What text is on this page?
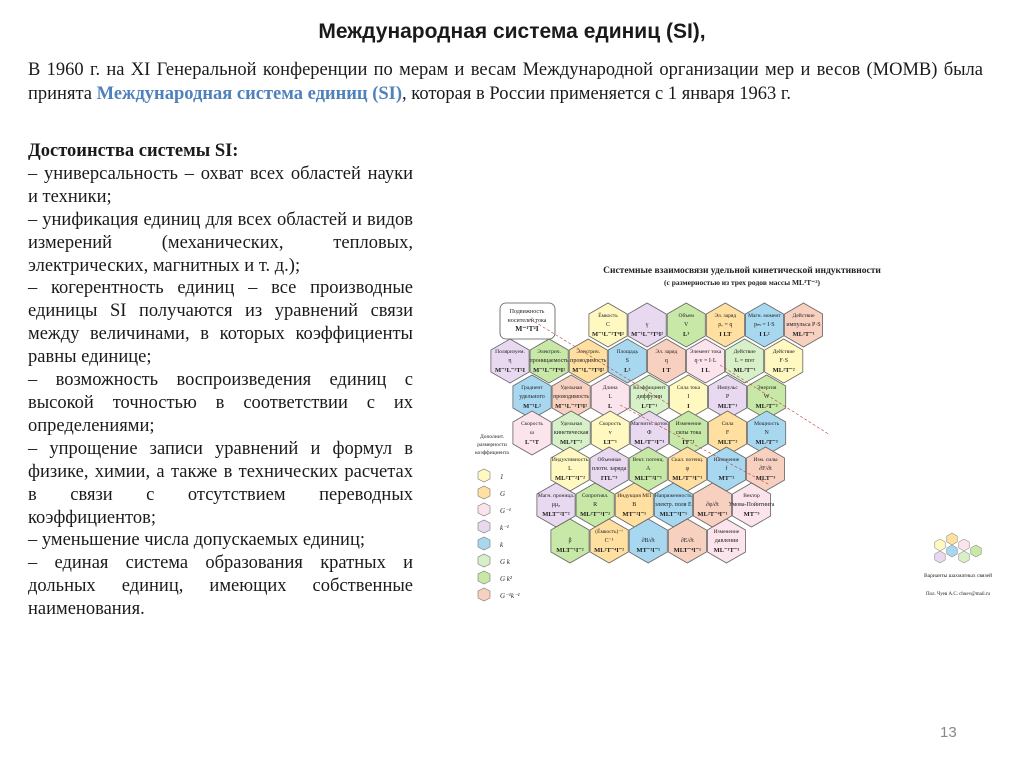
Международная система единиц (SI),
В 1960 г. на XI Генеральной конференции по мерам и весам Международной организации мер и весов (МОМВ) была принята Международная система единиц (SI), которая в России применяется с 1 января 1963 г.

Достоинства системы SI:

– универсальность – охват всех областей науки и техники;

– унификация единиц для всех областей и видов измерений (механических, тепловых, электрических, магнитных и т. д.);

– когерентность единиц – все производные единицы SI получаются из уравнений связи между величинами, в которых коэффициенты равны единице;

– возможность воспроизведения единиц с высокой точностью в соответствии с их определениями;

– упрощение записи уравнений и формул в физике, химии, а также в технических расчетах в связи с отсутствием переводных коэффициентов;

– уменьшение числа допускаемых единиц;

– единая система образования кратных и дольных единиц, имеющих собственные наименования.

Системные взаимосвязи удельной кинетической индуктивности
(с размерностью из трех родов массы ML³T⁻²)
Подвижность
носителей тока
M⁻¹T²I
Ёмкость
C
M⁻¹L⁻²T⁴I²
γ
M⁻¹L⁻³T³I²
Объем
V
L³
Эл. заряд
ρᵥ = q
I LT
Магн. момент
pₘ = I·S
I L²
Действие
импульса P·S
ML²T⁻¹
Поляризуем.
η
M⁻¹L⁻¹T²I
Электрич.
проницаемость
M⁻¹L⁻³T⁴I²
Электрич.
проводимость
M⁻¹L⁻³T³I²
Площадь
S
L²
Эл. заряд
q
I T
Элемент тока
q·v = I·L
I L
Действие
L = mvr
ML²T⁻¹
Действие
F·S
ML²T⁻²
Градиент
удельного
M⁻¹L²
Удельная
проводимость
M⁻¹L⁻³T³I²
Длина
L
L
Коэффициент
диффузии
L²T⁻¹
Сила тока
I
I
Импульс
P
MLT⁻¹
Энергия
W
ML²T⁻²
Скорость
ω
L⁻¹T
Удельная
кинетическая
ML³T⁻²
Скорость
v
LT⁻¹
Магнитн. поток
Φ
ML²T⁻²I⁻¹
Изменение
силы тока
IT⁻¹
Сила
F
MLT⁻²
Мощность
N
ML²T⁻³
Индуктивность
L
ML²T⁻²I⁻²
Объемная
плотн. заряда
ITL⁻³
Вект. потенц.
A
MLT⁻²I⁻¹
Скал. потенц.
φ
ML²T⁻³I⁻¹
Натяжение
f
MT⁻²
Изм. силы
∂F/∂t
MLT⁻³
Магн. проница.
μμ₀
MLT⁻²I⁻²
Сопротивл.
R
ML²T⁻³I⁻²
Индукция МП
B
MT⁻²I⁻¹
Напряженность
электр. поля E
MLT⁻³I⁻¹
∂φ/∂t
ML²T⁻⁴I⁻¹
Вектор
Умова-Пойнтинга
MT⁻³
β
MLT⁻¹I⁻²
(Ёмкость)⁻¹
C⁻¹
ML²T⁻⁴I⁻²
∂B/∂t
MT⁻³I⁻¹
∂E/∂t
MLT⁻⁴I⁻¹
Изменение
давления
ML⁻¹T⁻³
Дополнит.
размерности
коэффициента
1
G
G⁻¹
k⁻¹
k
G k
G k²
G⁻¹k⁻¹
Варианты шахматных связей
Пол. Чуев А.С. chuev@mail.ru
13
